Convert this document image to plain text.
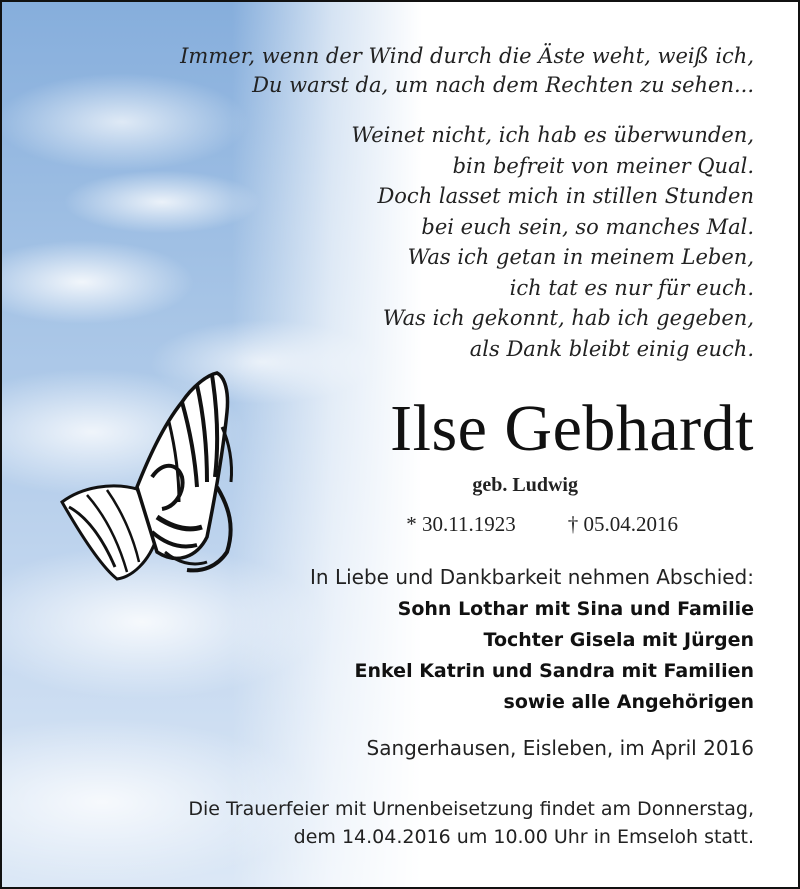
Immer, wenn der Wind durch die Äste weht, weiß ich,
Du warst da, um nach dem Rechten zu sehen...
Weinet nicht, ich hab es überwunden,
bin befreit von meiner Qual.
Doch lasset mich in stillen Stunden
bei euch sein, so manches Mal.
Was ich getan in meinem Leben,
ich tat es nur für euch.
Was ich gekonnt, hab ich gegeben,
als Dank bleibt einig euch.
Ilse Gebhardt
geb. Ludwig
* 30.11.1923 † 05.04.2016
In Liebe und Dankbarkeit nehmen Abschied:
Sohn Lothar mit Sina und Familie
Tochter Gisela mit Jürgen
Enkel Katrin und Sandra mit Familien
sowie alle Angehörigen
Sangerhausen, Eisleben, im April 2016
Die Trauerfeier mit Urnenbeisetzung findet am Donnerstag,
dem 14.04.2016 um 10.00 Uhr in Emseloh statt.
